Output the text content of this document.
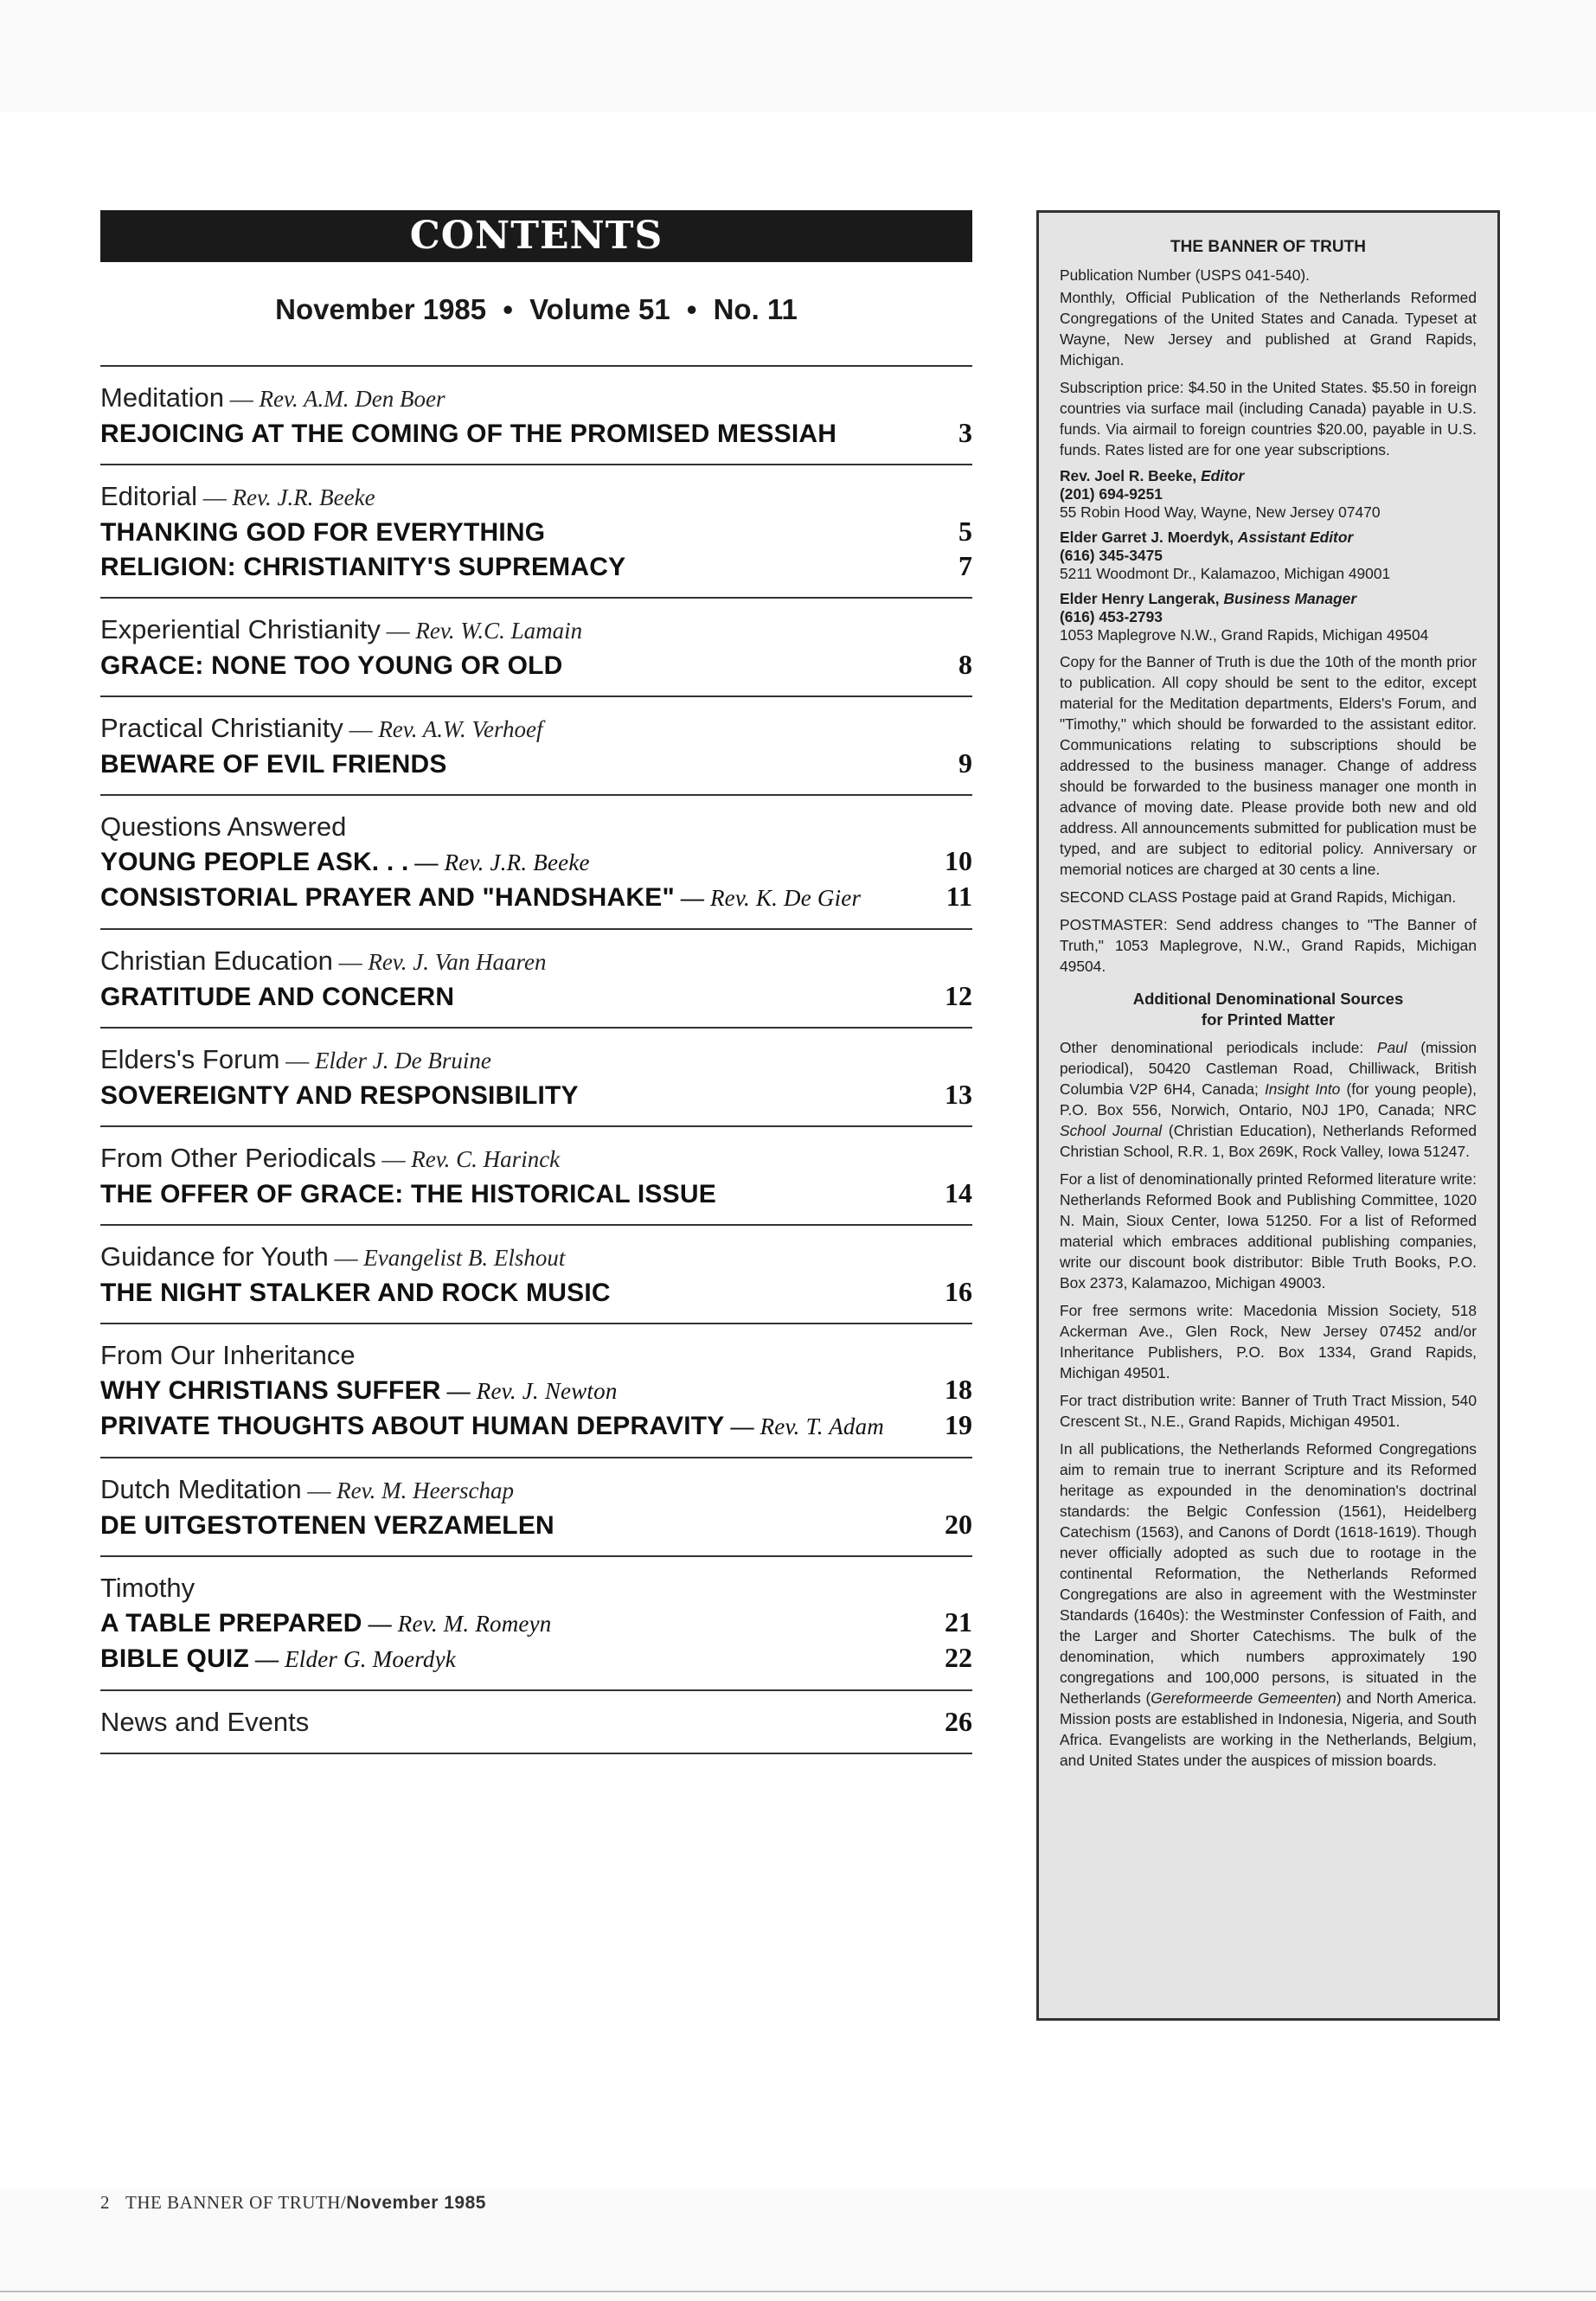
CONTENTS
November 1985 • Volume 51 • No. 11
Meditation — Rev. A.M. Den Boer
REJOICING AT THE COMING OF THE PROMISED MESSIAH	3
Editorial — Rev. J.R. Beeke
THANKING GOD FOR EVERYTHING	5
RELIGION: CHRISTIANITY'S SUPREMACY	7
Experiential Christianity — Rev. W.C. Lamain
GRACE: NONE TOO YOUNG OR OLD	8
Practical Christianity — Rev. A.W. Verhoef
BEWARE OF EVIL FRIENDS	9
Questions Answered
YOUNG PEOPLE ASK. . . — Rev. J.R. Beeke	10
CONSISTORIAL PRAYER AND "HANDSHAKE" — Rev. K. De Gier	11
Christian Education — Rev. J. Van Haaren
GRATITUDE AND CONCERN	12
Elders's Forum — Elder J. De Bruine
SOVEREIGNTY AND RESPONSIBILITY	13
From Other Periodicals — Rev. C. Harinck
THE OFFER OF GRACE: THE HISTORICAL ISSUE	14
Guidance for Youth — Evangelist B. Elshout
THE NIGHT STALKER AND ROCK MUSIC	16
From Our Inheritance
WHY CHRISTIANS SUFFER — Rev. J. Newton	18
PRIVATE THOUGHTS ABOUT HUMAN DEPRAVITY — Rev. T. Adam	19
Dutch Meditation — Rev. M. Heerschap
DE UITGESTOTENEN VERZAMELEN	20
Timothy
A TABLE PREPARED — Rev. M. Romeyn	21
BIBLE QUIZ — Elder G. Moerdyk	22
News and Events	26
THE BANNER OF TRUTH

Publication Number (USPS 041-540).

Monthly, Official Publication of the Netherlands Reformed Congregations of the United States and Canada. Typeset at Wayne, New Jersey and published at Grand Rapids, Michigan.

Subscription price: $4.50 in the United States. $5.50 in foreign countries via surface mail (including Canada) payable in U.S. funds. Via airmail to foreign countries $20.00, payable in U.S. funds. Rates listed are for one year subscriptions.

Rev. Joel R. Beeke, Editor
(201) 694-9251
55 Robin Hood Way, Wayne, New Jersey 07470
Elder Garret J. Moerdyk, Assistant Editor
(616) 345-3475
5211 Woodmont Dr., Kalamazoo, Michigan 49001
Elder Henry Langerak, Business Manager
(616) 453-2793
1053 Maplegrove N.W., Grand Rapids, Michigan 49504

Copy for the Banner of Truth is due the 10th of the month prior to publication. All copy should be sent to the editor, except material for the Meditation departments, Elders's Forum, and "Timothy," which should be forwarded to the assistant editor. Communications relating to subscriptions should be addressed to the business manager. Change of address should be forwarded to the business manager one month in advance of moving date. Please provide both new and old address. All announcements submitted for publication must be typed, and are subject to editorial policy. Anniversary or memorial notices are charged at 30 cents a line.

SECOND CLASS Postage paid at Grand Rapids, Michigan.

POSTMASTER: Send address changes to "The Banner of Truth," 1053 Maplegrove, N.W., Grand Rapids, Michigan 49504.

Additional Denominational Sources
for Printed Matter

Other denominational periodicals include: Paul (mission periodical), 50420 Castleman Road, Chilliwack, British Columbia V2P 6H4, Canada; Insight Into (for young people), P.O. Box 556, Norwich, Ontario, N0J 1P0, Canada; NRC School Journal (Christian Education), Netherlands Reformed Christian School, R.R. 1, Box 269K, Rock Valley, Iowa 51247.

For a list of denominationally printed Reformed literature write: Netherlands Reformed Book and Publishing Committee, 1020 N. Main, Sioux Center, Iowa 51250. For a list of Reformed material which embraces additional publishing companies, write our discount book distributor: Bible Truth Books, P.O. Box 2373, Kalamazoo, Michigan 49003.

For free sermons write: Macedonia Mission Society, 518 Ackerman Ave., Glen Rock, New Jersey 07452 and/or Inheritance Publishers, P.O. Box 1334, Grand Rapids, Michigan 49501.

For tract distribution write: Banner of Truth Tract Mission, 540 Crescent St., N.E., Grand Rapids, Michigan 49501.

In all publications, the Netherlands Reformed Congregations aim to remain true to inerrant Scripture and its Reformed heritage as expounded in the denomination's doctrinal standards: the Belgic Confession (1561), Heidelberg Catechism (1563), and Canons of Dordt (1618-1619). Though never officially adopted as such due to rootage in the continental Reformation, the Netherlands Reformed Congregations are also in agreement with the Westminster Standards (1640s): the Westminster Confession of Faith, and the Larger and Shorter Catechisms. The bulk of the denomination, which numbers approximately 190 congregations and 100,000 persons, is situated in the Netherlands (Gereformeerde Gemeenten) and North America. Mission posts are established in Indonesia, Nigeria, and South Africa. Evangelists are working in the Netherlands, Belgium, and United States under the auspices of mission boards.

2 THE BANNER OF TRUTH/November 1985
